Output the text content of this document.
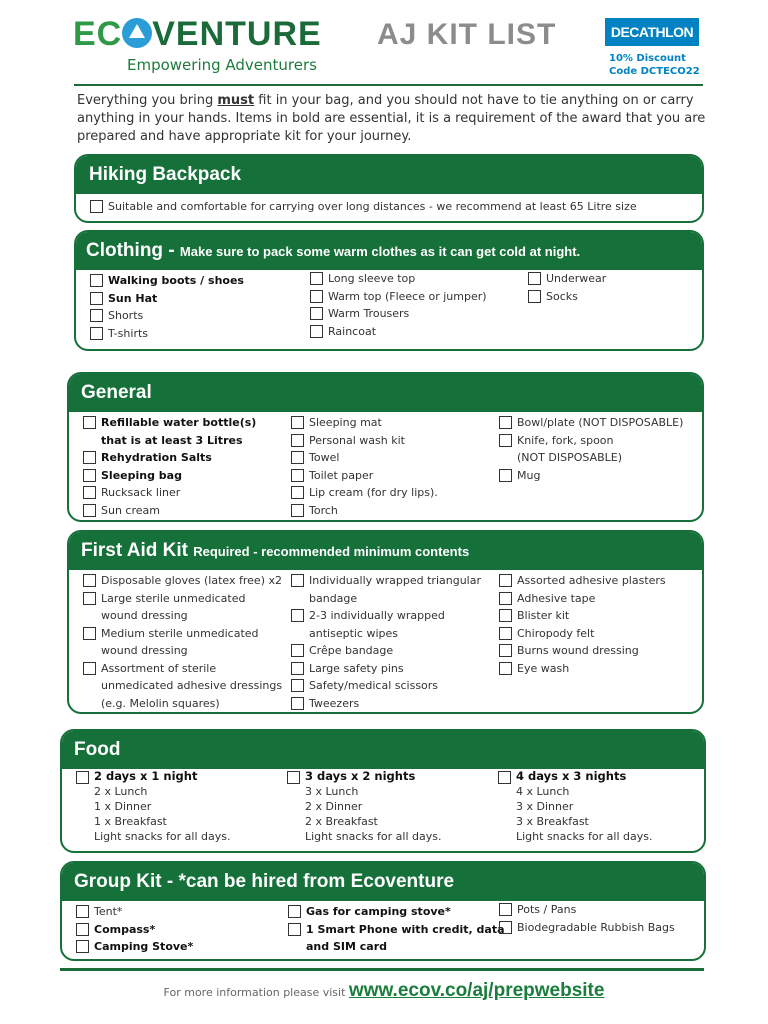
EC VENTURE
Empowering Adventurers
AJ KIT LIST	DECATHLON
10% Discount
Code DCTECO22
Everything you bring must fit in your bag, and you should not have to tie anything on or carry anything in your hands. Items in bold are essential, it is a requirement of the award that you are prepared and have appropriate kit for your journey.
Hiking Backpack
Suitable and comfortable for carrying over long distances - we recommend at least 65 Litre size
Clothing - Make sure to pack some warm clothes as it can get cold at night.
Walking boots / shoes
Sun Hat
Shorts
T-shirts
Long sleeve top
Warm top (Fleece or jumper)
Warm Trousers
Raincoat
Underwear
Socks
General
Refillable water bottle(s)
that is at least 3 Litres
Rehydration Salts
Sleeping bag
Rucksack liner
Sun cream
Sleeping mat
Personal wash kit
Towel
Toilet paper
Lip cream (for dry lips).
Torch
Bowl/plate (NOT DISPOSABLE)
Knife, fork, spoon
(NOT DISPOSABLE)
Mug
First Aid Kit Required - recommended minimum contents
Disposable gloves (latex free) x2
Large sterile unmedicated
wound dressing
Medium sterile unmedicated
wound dressing
Assortment of sterile
unmedicated adhesive dressings
(e.g. Melolin squares)
Individually wrapped triangular
bandage
2-3 individually wrapped
antiseptic wipes
Crêpe bandage
Large safety pins
Safety/medical scissors
Tweezers
Assorted adhesive plasters
Adhesive tape
Blister kit
Chiropody felt
Burns wound dressing
Eye wash
Food
2 days x 1 night
2 x Lunch
1 x Dinner
1 x Breakfast
Light snacks for all days.
3 days x 2 nights
3 x Lunch
2 x Dinner
2 x Breakfast
Light snacks for all days.
4 days x 3 nights
4 x Lunch
3 x Dinner
3 x Breakfast
Light snacks for all days.
Group Kit - *can be hired from Ecoventure
Tent*
Compass*
Camping Stove*
Gas for camping stove*
1 Smart Phone with credit, data
and SIM card
Pots / Pans
Biodegradable Rubbish Bags
For more information please visit www.ecov.co/aj/prepwebsite
